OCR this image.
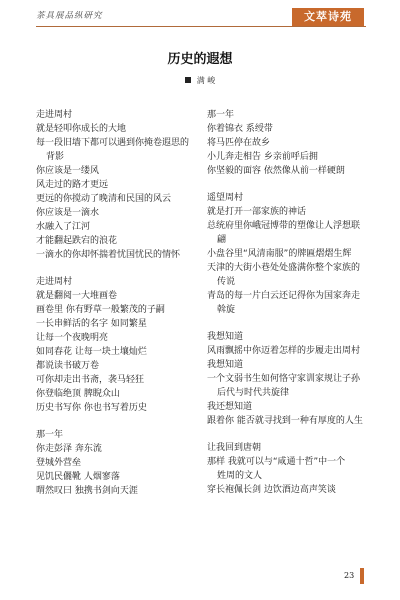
茶具展品纵研究	文萃诗苑
历史的遐想
满 峻
走进周村
就是轻叩你成长的大地
每一段旧墙下都可以遇到你掩卷遐思的
背影
你应该是一缕风
风走过的路才更远
更远的你搅动了晚清和民国的风云
你应该是一滴水
水融入了江河
才能翻起跌宕的浪花
一滴水的你却怀揣着忧国忧民的情怀
走进周村
就是翻阅一大堆画卷
画卷里 你有野草一般繁茂的子嗣
一长串鲜活的名字 如同繁星
让每一个夜晚明亮
如同春花 让每一块土壤灿烂
都说读书破万卷
可你却走出书斋，袭马轻狂
你登临绝顶 脾睨众山
历史书写你 你也书写着历史
那一年
你走彭泽 奔东流
登城外营垒
见饥民儷靴 人烟寥落
喟然叹曰 独携书剑向天涯
那一年
你着锦衣 系绶带
将马匹停在故乡
小儿奔走相告 乡亲前呼后拥
你坚毅的面容 依然像从前一样硬朗
遥望周村
就是打开一部家族的神话
总统府里你峨冠博带的塑像让人浮想联
翩
小盘谷里“风清南服”的牌匾熠熠生辉
天津的大街小巷处处盛满你整个家族的
传说
青岛的每一片白云还记得你为国家奔走
斡旋
我想知道
风雨飘摇中你迈着怎样的步履走出周村
我想知道
一个文弱书生如何恪守家训家规让子孙
后代与时代共旋律
我还想知道
跟着你 能否就寻找到一种有厚度的人生
让我回到唐朝
那样 我就可以与“咸通十哲”中一个
姓周的文人
穿长袍佩长剑 边饮酒边高声笑谈
23
